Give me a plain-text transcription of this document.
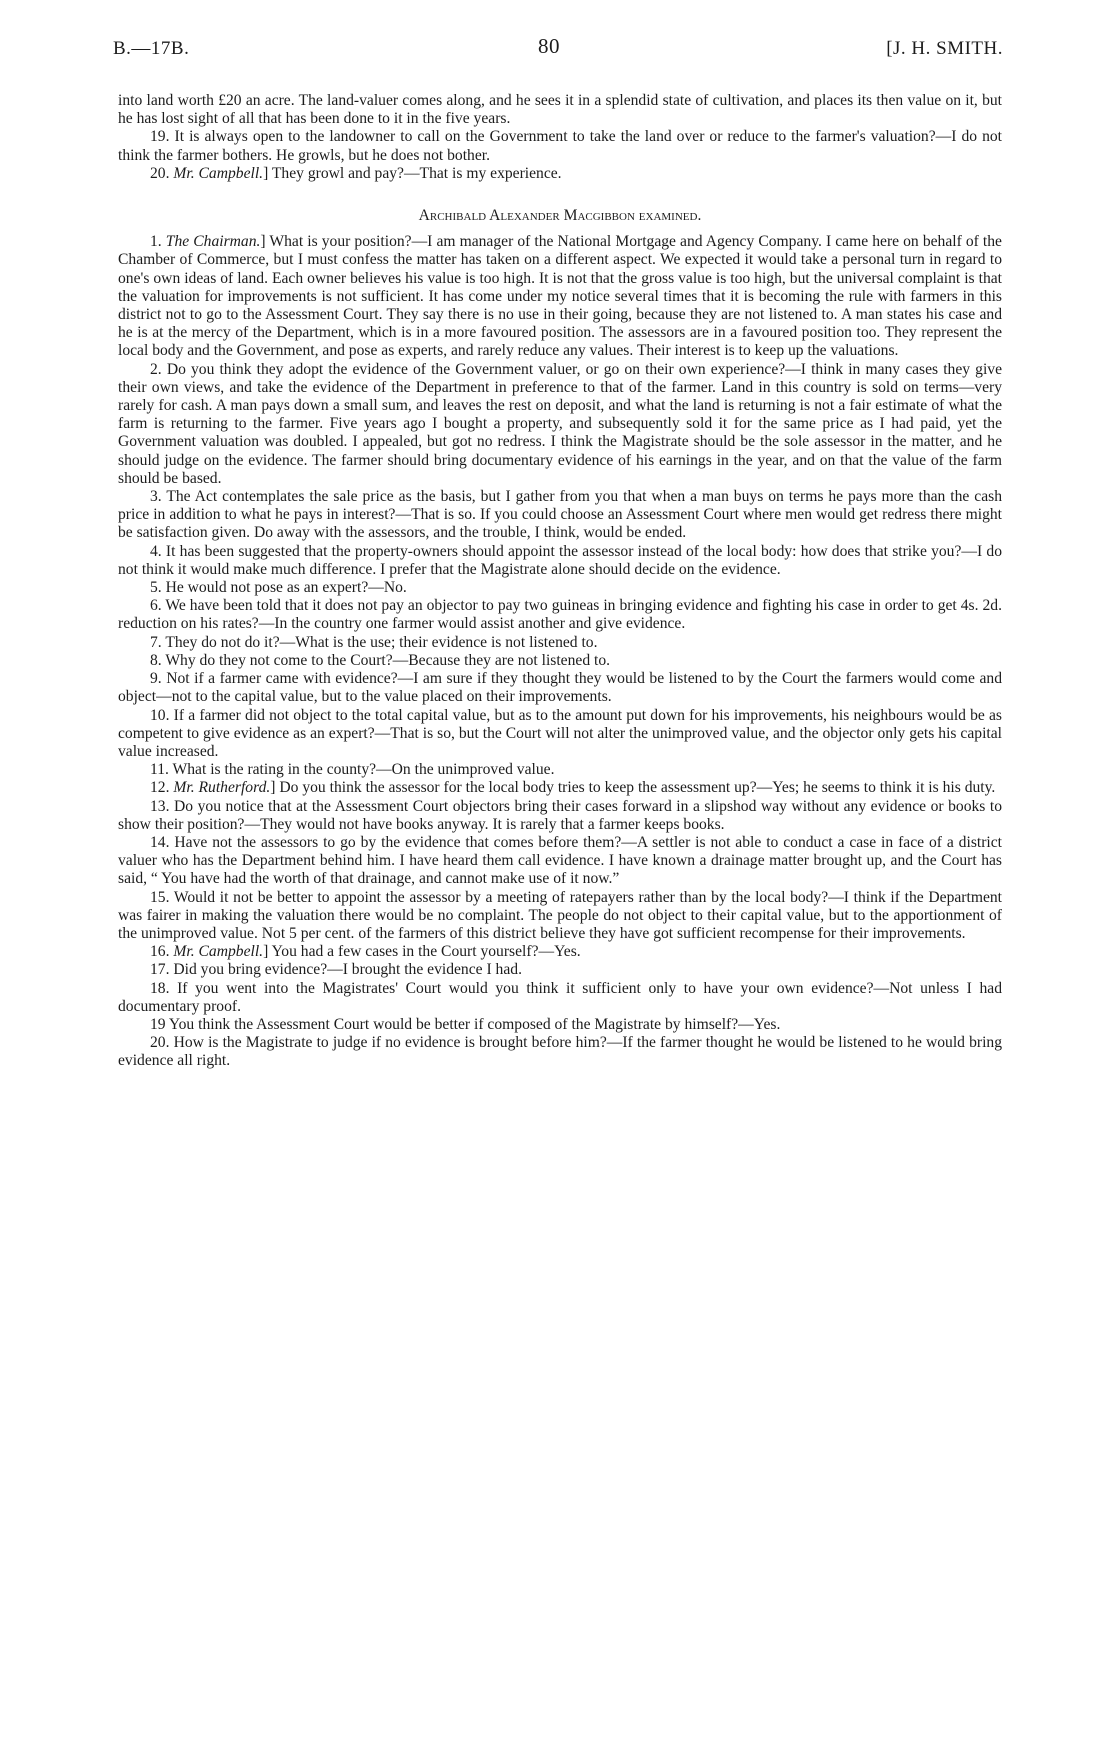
B.—17B.	80	[J. H. SMITH.

into land worth £20 an acre. The land-valuer comes along, and he sees it in a splendid state of cultivation, and places its then value on it, but he has lost sight of all that has been done to it in the five years.

19. It is always open to the landowner to call on the Government to take the land over or reduce to the farmer's valuation?—I do not think the farmer bothers. He growls, but he does not bother.

20. Mr. Campbell.] They growl and pay?—That is my experience.

Archibald Alexander Macgibbon examined.

1. The Chairman.] What is your position?—I am manager of the National Mortgage and Agency Company. I came here on behalf of the Chamber of Commerce, but I must confess the matter has taken on a different aspect. We expected it would take a personal turn in regard to one's own ideas of land. Each owner believes his value is too high. It is not that the gross value is too high, but the universal complaint is that the valuation for improvements is not sufficient. It has come under my notice several times that it is becoming the rule with farmers in this district not to go to the Assessment Court. They say there is no use in their going, because they are not listened to. A man states his case and he is at the mercy of the Department, which is in a more favoured position. The assessors are in a favoured position too. They represent the local body and the Government, and pose as experts, and rarely reduce any values. Their interest is to keep up the valuations.

2. Do you think they adopt the evidence of the Government valuer, or go on their own experience?—I think in many cases they give their own views, and take the evidence of the Department in preference to that of the farmer. Land in this country is sold on terms—very rarely for cash. A man pays down a small sum, and leaves the rest on deposit, and what the land is returning is not a fair estimate of what the farm is returning to the farmer. Five years ago I bought a property, and subsequently sold it for the same price as I had paid, yet the Government valuation was doubled. I appealed, but got no redress. I think the Magistrate should be the sole assessor in the matter, and he should judge on the evidence. The farmer should bring documentary evidence of his earnings in the year, and on that the value of the farm should be based.

3. The Act contemplates the sale price as the basis, but I gather from you that when a man buys on terms he pays more than the cash price in addition to what he pays in interest?—That is so. If you could choose an Assessment Court where men would get redress there might be satisfaction given. Do away with the assessors, and the trouble, I think, would be ended.

4. It has been suggested that the property-owners should appoint the assessor instead of the local body: how does that strike you?—I do not think it would make much difference. I prefer that the Magistrate alone should decide on the evidence.

5. He would not pose as an expert?—No.

6. We have been told that it does not pay an objector to pay two guineas in bringing evidence and fighting his case in order to get 4s. 2d. reduction on his rates?—In the country one farmer would assist another and give evidence.

7. They do not do it?—What is the use; their evidence is not listened to.

8. Why do they not come to the Court?—Because they are not listened to.

9. Not if a farmer came with evidence?—I am sure if they thought they would be listened to by the Court the farmers would come and object—not to the capital value, but to the value placed on their improvements.

10. If a farmer did not object to the total capital value, but as to the amount put down for his improvements, his neighbours would be as competent to give evidence as an expert?—That is so, but the Court will not alter the unimproved value, and the objector only gets his capital value increased.

11. What is the rating in the county?—On the unimproved value.

12. Mr. Rutherford.] Do you think the assessor for the local body tries to keep the assessment up?—Yes; he seems to think it is his duty.

13. Do you notice that at the Assessment Court objectors bring their cases forward in a slipshod way without any evidence or books to show their position?—They would not have books anyway. It is rarely that a farmer keeps books.

14. Have not the assessors to go by the evidence that comes before them?—A settler is not able to conduct a case in face of a district valuer who has the Department behind him. I have heard them call evidence. I have known a drainage matter brought up, and the Court has said, “ You have had the worth of that drainage, and cannot make use of it now.”

15. Would it not be better to appoint the assessor by a meeting of ratepayers rather than by the local body?—I think if the Department was fairer in making the valuation there would be no complaint. The people do not object to their capital value, but to the apportionment of the unimproved value. Not 5 per cent. of the farmers of this district believe they have got sufficient recompense for their improvements.

16. Mr. Campbell.] You had a few cases in the Court yourself?—Yes.

17. Did you bring evidence?—I brought the evidence I had.

18. If you went into the Magistrates' Court would you think it sufficient only to have your own evidence?—Not unless I had documentary proof.

19 You think the Assessment Court would be better if composed of the Magistrate by himself?—Yes.

20. How is the Magistrate to judge if no evidence is brought before him?—If the farmer thought he would be listened to he would bring evidence all right.
